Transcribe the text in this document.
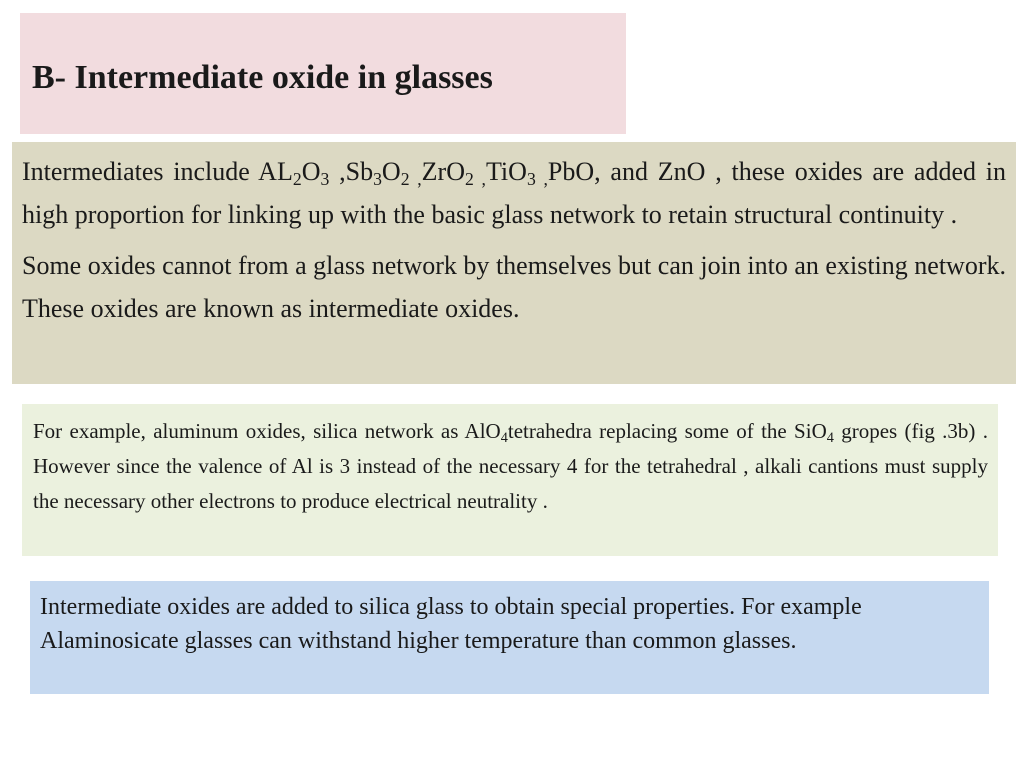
B- Intermediate oxide in glasses

Intermediates include $AL_2O_3$ $,Sb_3O_2$ $_,$ZrO$_2$ $_,$TiO$_3$ $_,$PbO, and ZnO , these oxides are added in high proportion for linking up with the basic glass network to retain structural continuity .

Some oxides cannot from a glass network by themselves but can join into an existing network. These oxides are known as intermediate oxides.

For example, aluminum oxides, silica network as AlO$_4$tetrahedra replacing some of the SiO$_4$ gropes (fig .3b) . However since the valence of Al is 3 instead of the necessary 4 for the tetrahedral , alkali cantions must supply the necessary other electrons to produce electrical neutrality .

Intermediate oxides are added to silica glass to obtain special properties. For example Alaminosicate glasses can withstand higher temperature than common glasses.
